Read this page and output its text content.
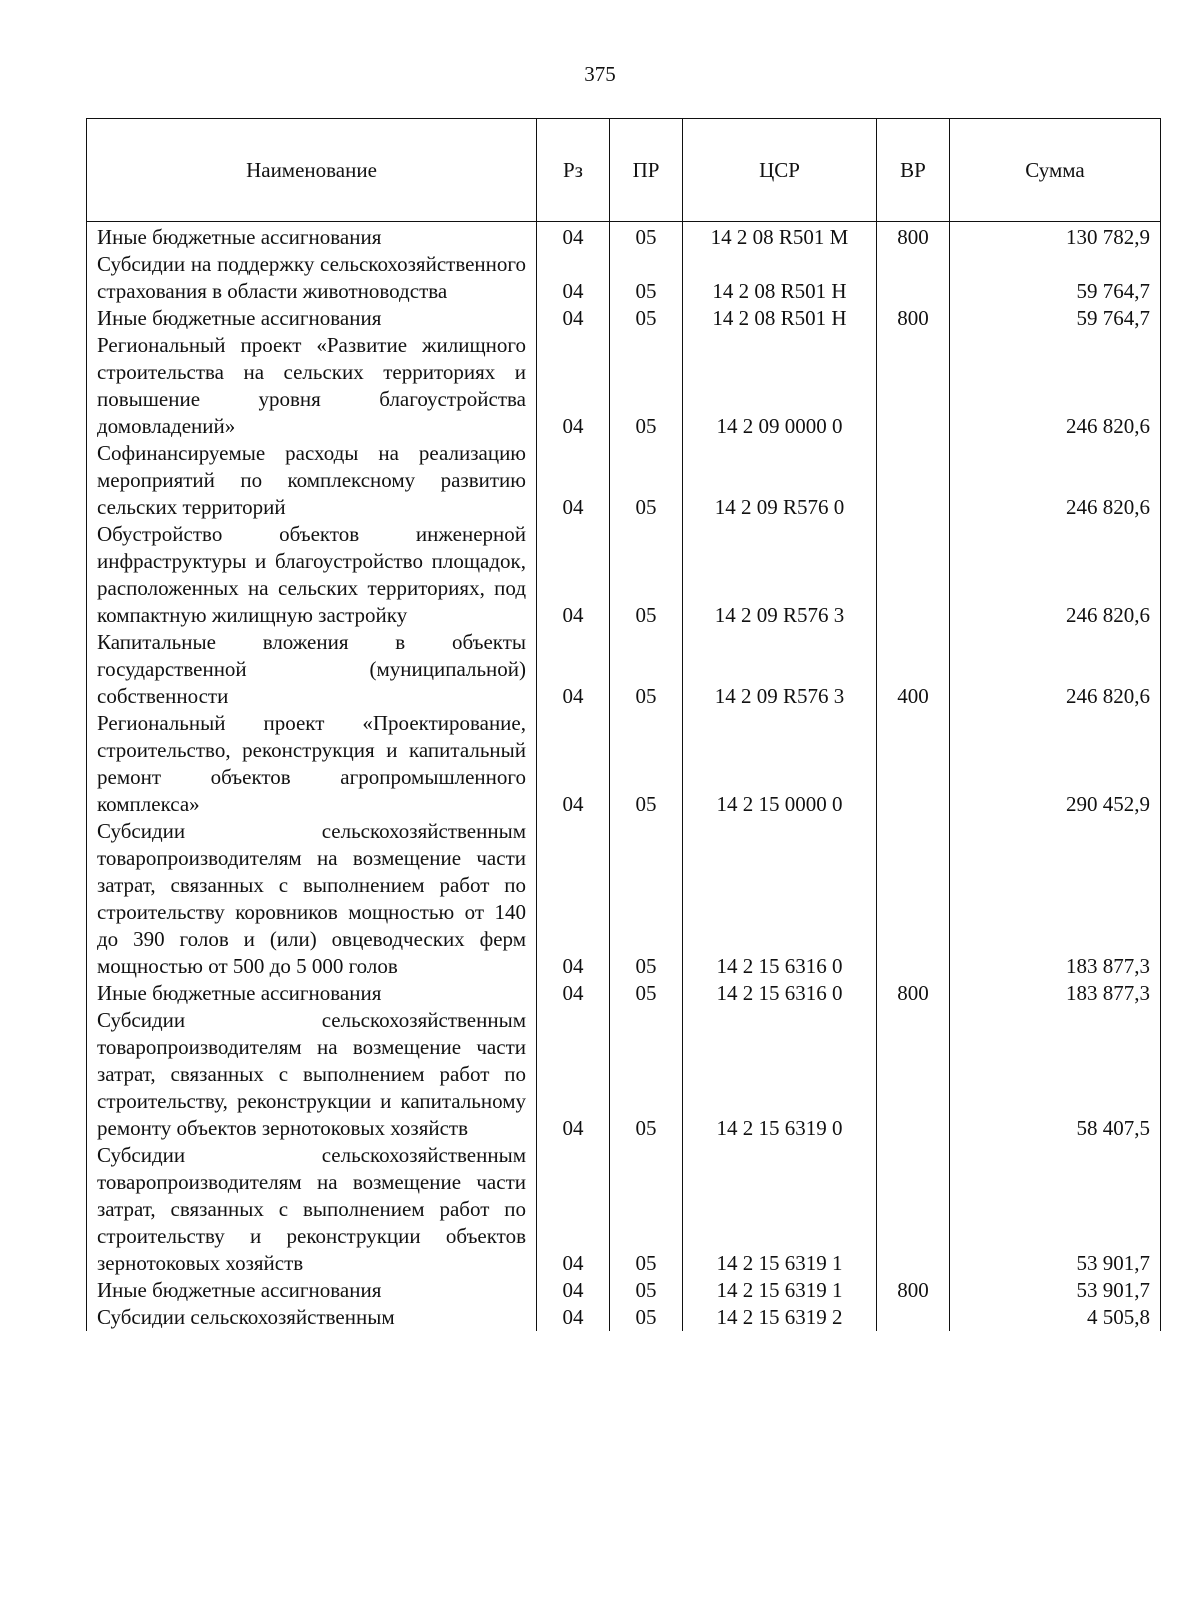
375
Наименование	Рз	ПР	ЦСР	ВР	Сумма
Иные бюджетные ассигнования	04	05	14 2 08 R501 M	800	130 782,9
Субсидии на поддержку сельскохозяйственного страхования в области животноводства	04	05	14 2 08 R501 H		59 764,7
Иные бюджетные ассигнования	04	05	14 2 08 R501 H	800	59 764,7
Региональный проект «Развитие жилищного строительства на сельских территориях и повышение уровня благоустройства домовладений»	04	05	14 2 09 0000 0		246 820,6
Софинансируемые расходы на реализацию мероприятий по комплексному развитию сельских территорий	04	05	14 2 09 R576 0		246 820,6
Обустройство объектов инженерной инфраструктуры и благоустройство площадок, расположенных на сельских территориях, под компактную жилищную застройку	04	05	14 2 09 R576 3		246 820,6
Капитальные вложения в объекты государственной (муниципальной) собственности	04	05	14 2 09 R576 3	400	246 820,6
Региональный проект «Проектирование, строительство, реконструкция и капитальный ремонт объектов агропромышленного комплекса»	04	05	14 2 15 0000 0		290 452,9
Субсидии сельскохозяйственным товаропроизводителям на возмещение части затрат, связанных с выполнением работ по строительству коровников мощностью от 140 до 390 голов и (или) овцеводческих ферм мощностью от 500 до 5 000 голов	04	05	14 2 15 6316 0		183 877,3
Иные бюджетные ассигнования	04	05	14 2 15 6316 0	800	183 877,3
Субсидии сельскохозяйственным товаропроизводителям на возмещение части затрат, связанных с выполнением работ по строительству, реконструкции и капитальному ремонту объектов зернотоковых хозяйств	04	05	14 2 15 6319 0		58 407,5
Субсидии сельскохозяйственным товаропроизводителям на возмещение части затрат, связанных с выполнением работ по строительству и реконструкции объектов зернотоковых хозяйств	04	05	14 2 15 6319 1		53 901,7
Иные бюджетные ассигнования	04	05	14 2 15 6319 1	800	53 901,7
Субсидии сельскохозяйственным	04	05	14 2 15 6319 2		4 505,8
